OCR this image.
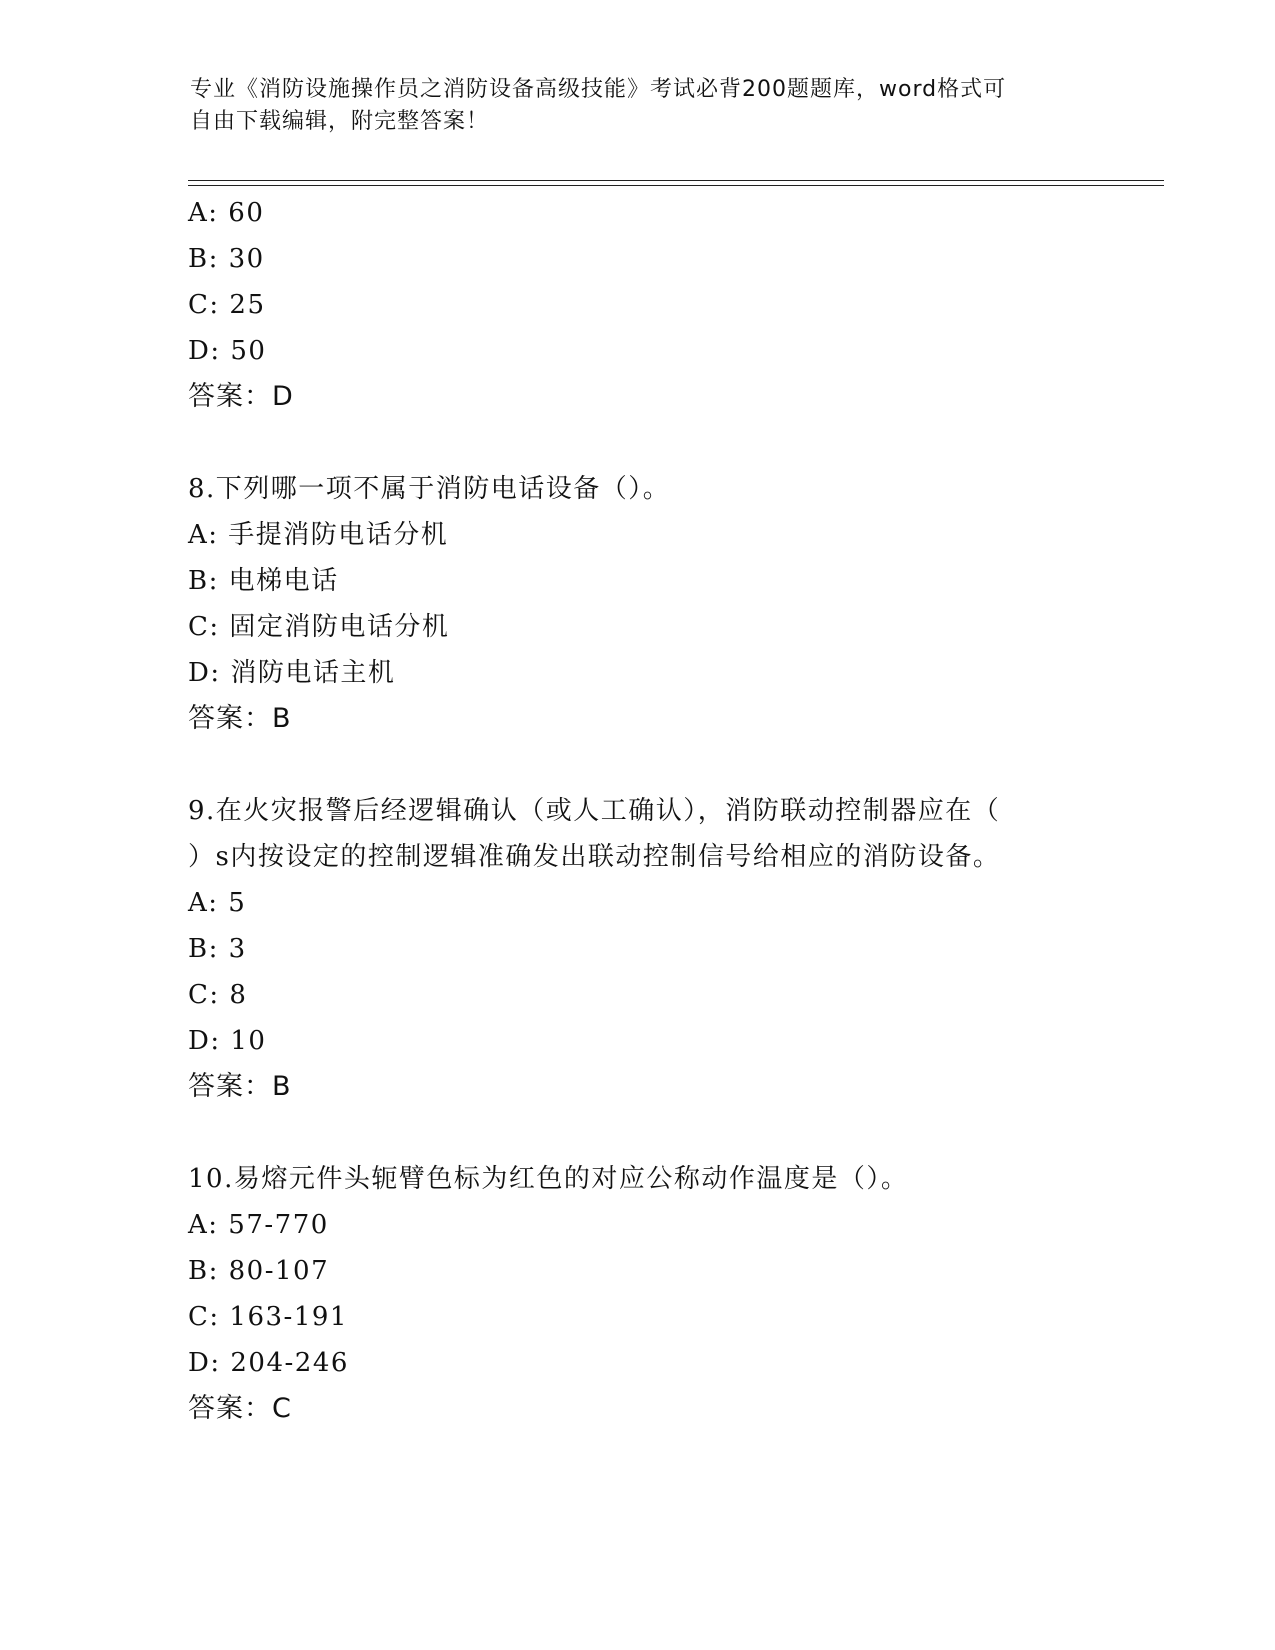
专业《消防设施操作员之消防设备高级技能》考试必背200题题库，word格式可
自由下载编辑，附完整答案！
A: 60
B: 30
C: 25
D: 50
答案：D
8.下列哪一项不属于消防电话设备（）。
A: 手提消防电话分机
B: 电梯电话
C: 固定消防电话分机
D: 消防电话主机
答案：B
9.在火灾报警后经逻辑确认（或人工确认），消防联动控制器应在（
）s内按设定的控制逻辑准确发出联动控制信号给相应的消防设备。
A: 5
B: 3
C: 8
D: 10
答案：B
10.易熔元件头轭臂色标为红色的对应公称动作温度是（）。
A: 57-770
B: 80-107
C: 163-191
D: 204-246
答案：C
